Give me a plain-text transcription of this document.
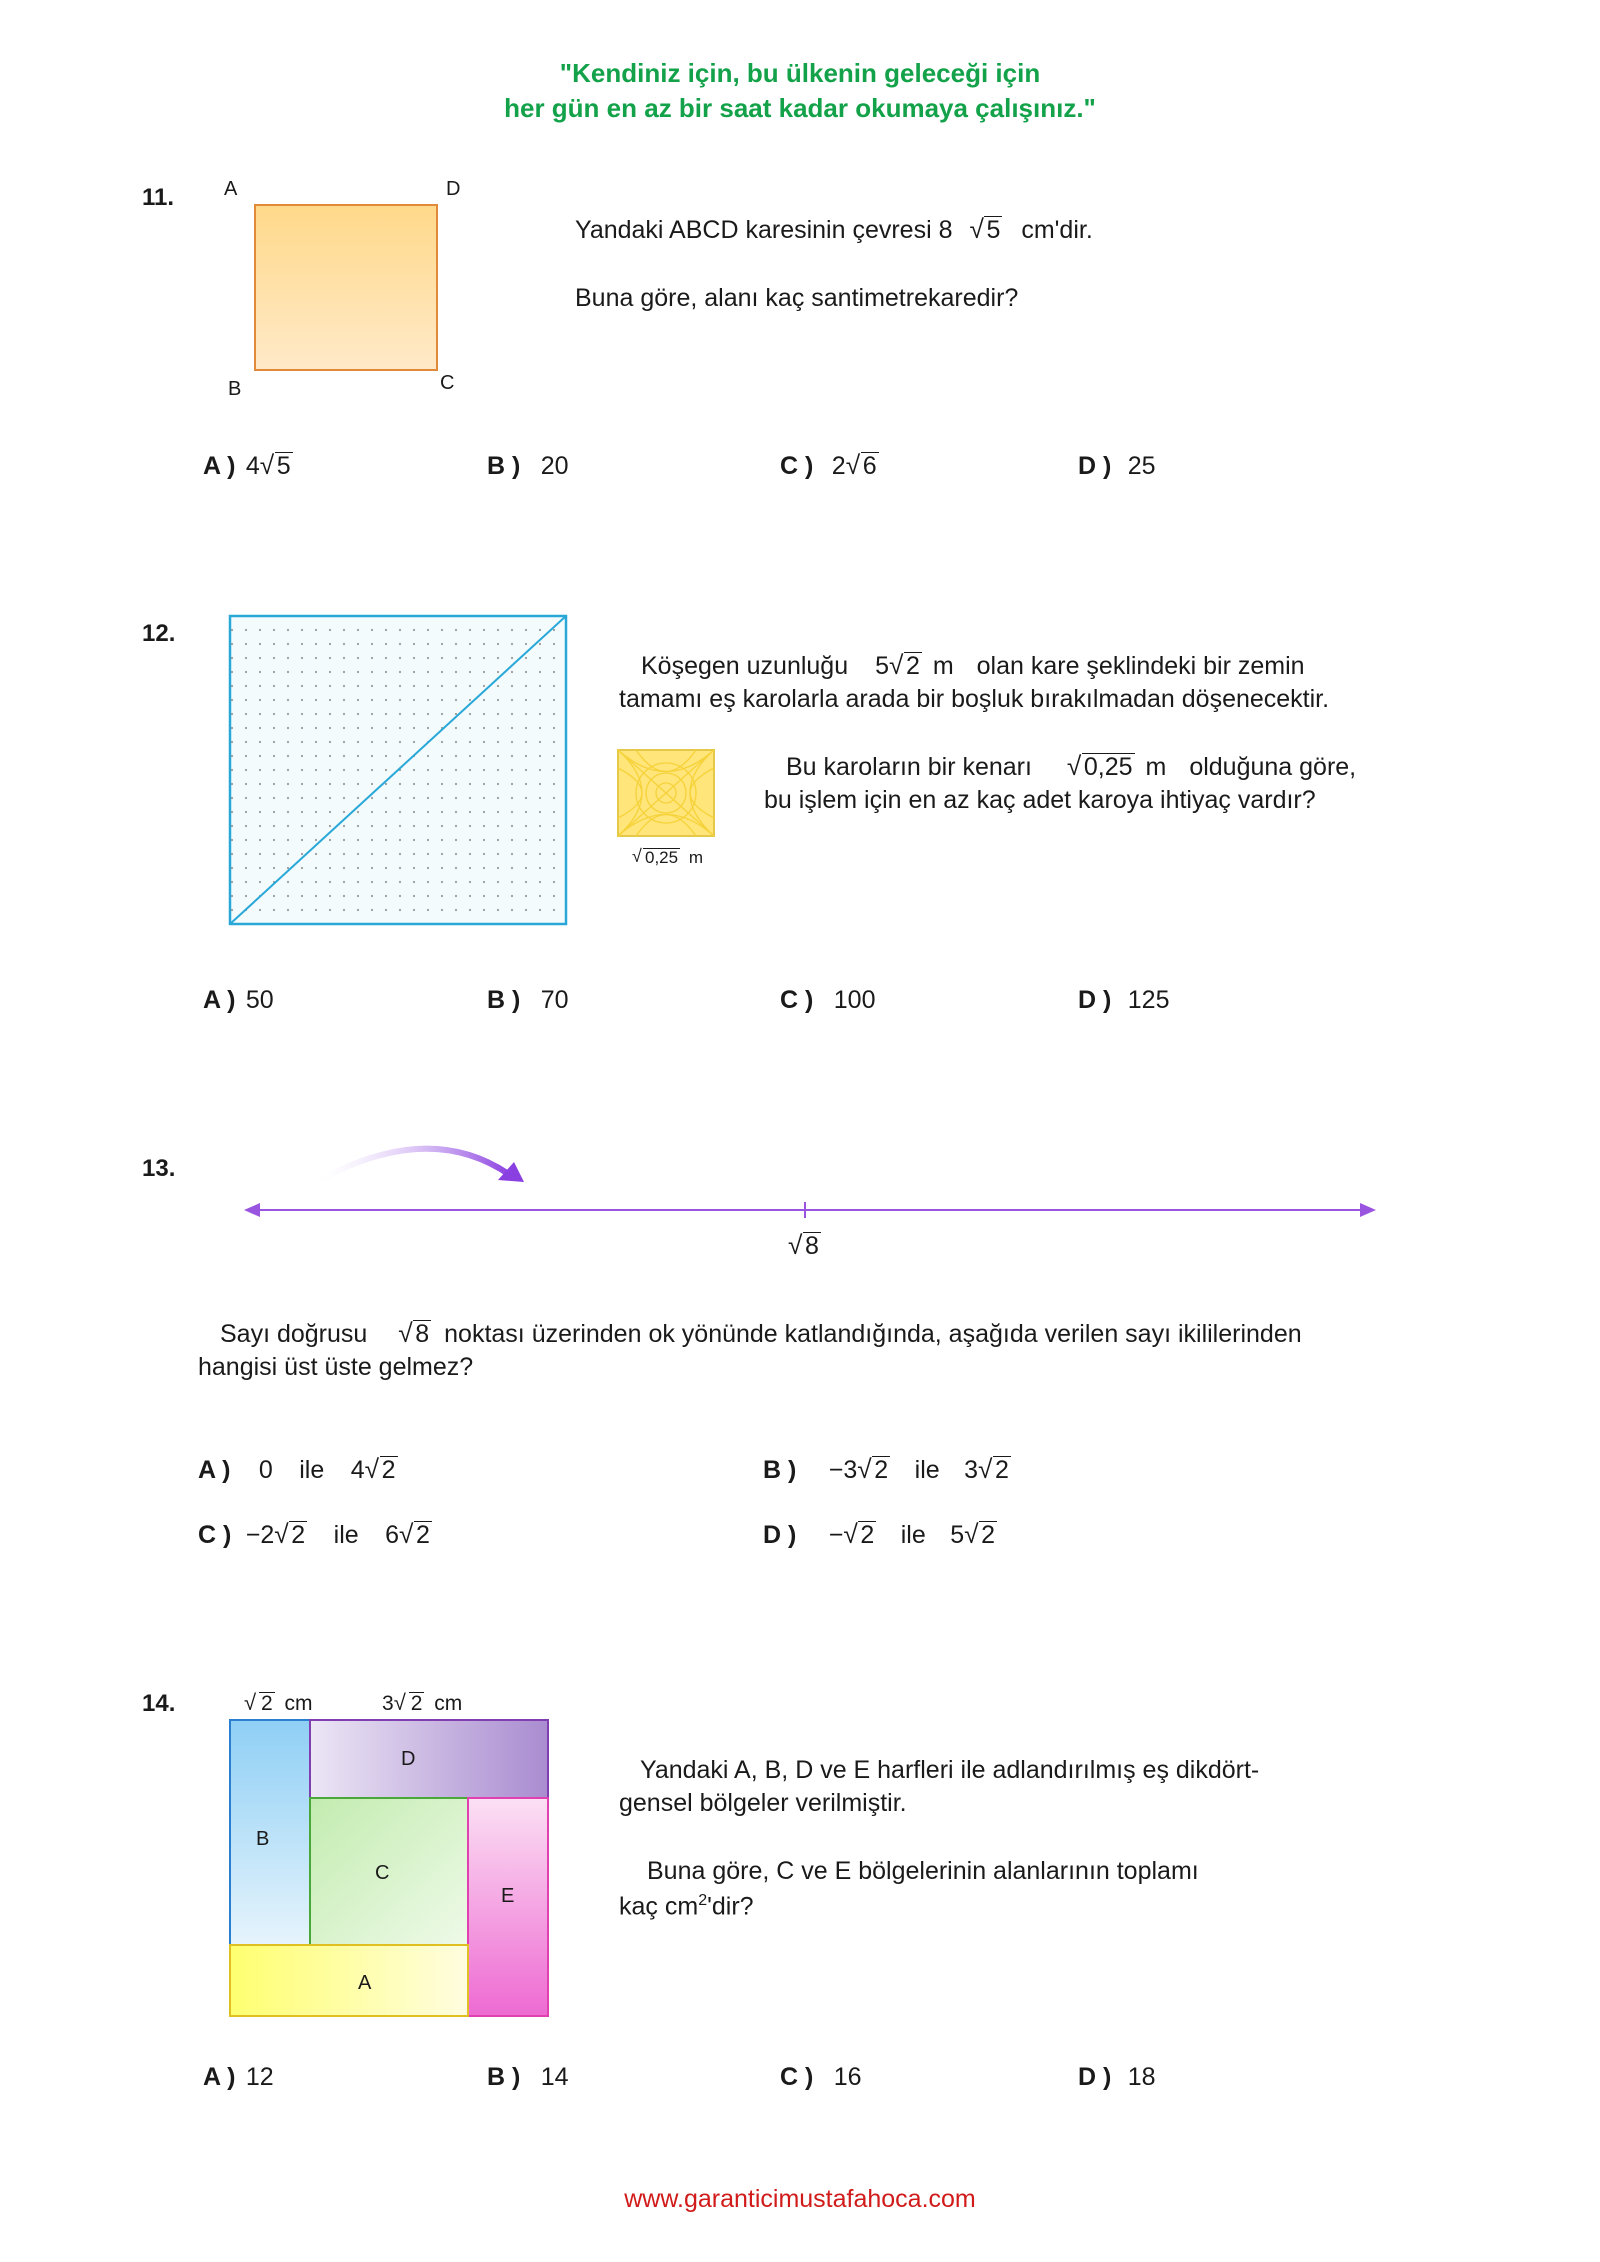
"Kendiniz için, bu ülkenin geleceği için
her gün en az bir saat kadar okumaya çalışınız."
11. A	D
B	C
Yandaki ABCD karesinin çevresi 8 √ 5 cm'dir.
Buna göre, alanı kaç santimetrekaredir?
A ) 4 √ 5	B ) 20	C ) 2 √ 6	D ) 25
12.
√ 0,25 m
Köşegen uzunluğu 5 √ 2 m olan kare şeklindeki bir zemin
tamamı eş karolarla arada bir boşluk bırakılmadan döşenecektir.
Bu karoların bir kenarı √ 0,25 m olduğuna göre,
bu işlem için en az kaç adet karoya ihtiyaç vardır?
A ) 50	B ) 70	C ) 100	D ) 125
13.
√ 8
Sayı doğrusu √ 8 noktası üzerinden ok yönünde katlandığında, aşağıda verilen sayı ikililerinden
hangisi üst üste gelmez?
A ) 0 ile 4 √ 2	B ) −3 √ 2 ile 3 √ 2
C ) −2 √ 2 ile 6 √ 2	D ) − √ 2 ile 5 √ 2
14.	√ 2 cm	3 √ 2 cm
D
B
C
E
A
Yandaki A, B, D ve E harfleri ile adlandırılmış eş dikdört-
gensel bölgeler verilmiştir.
Buna göre, C ve E bölgelerinin alanlarının toplamı
kaç $cm^2'dir$?
A ) 12	B ) 14	C ) 16	D ) 18
www.garanticimustafahoca.com
